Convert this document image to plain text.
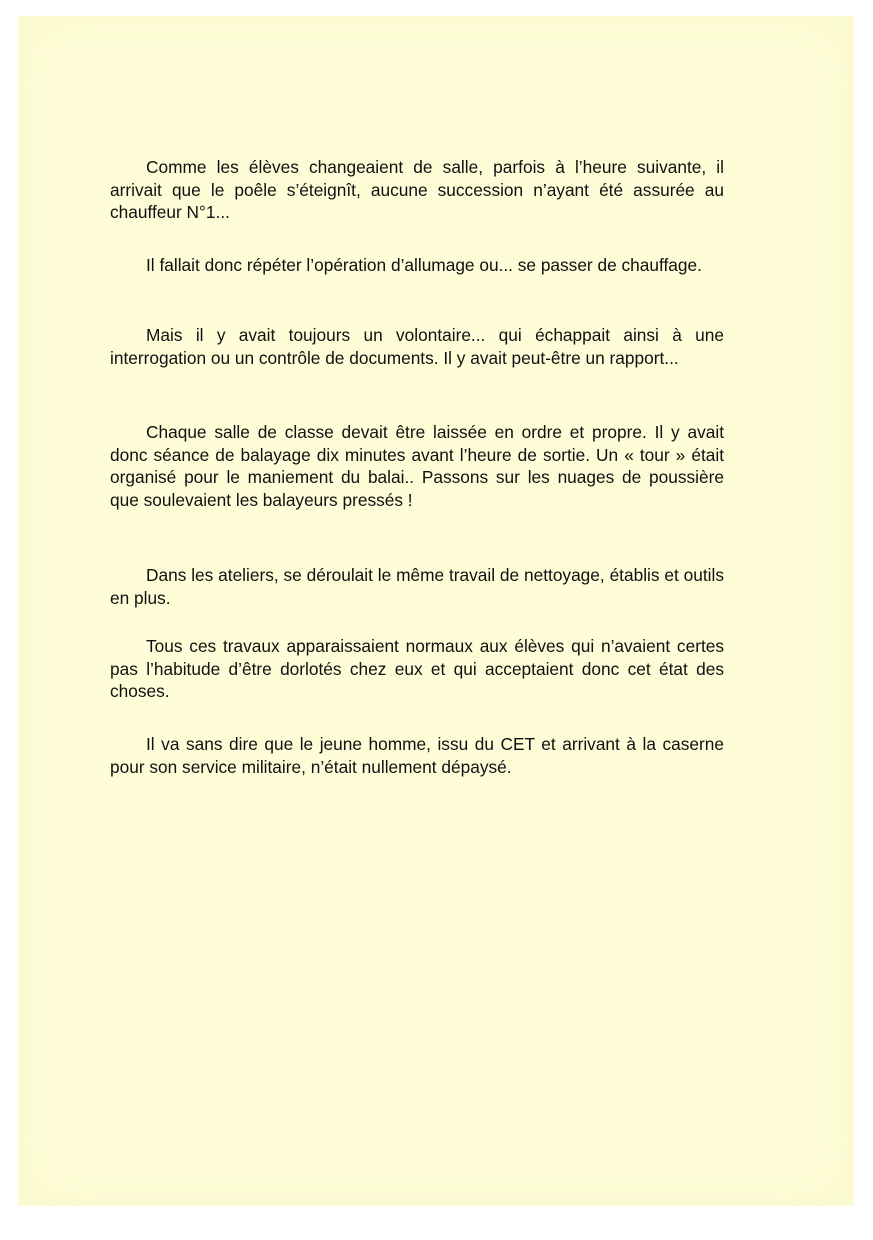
Comme les élèves changeaient de salle, parfois à l’heure suivante, il arrivait que le poêle s’éteignît, aucune succession n’ayant été assurée au chauffeur N°1...

Il fallait donc répéter l’opération d’allumage ou... se passer de chauffage.

Mais il y avait toujours un volontaire... qui échappait ainsi à une interrogation ou un contrôle de documents. Il y avait peut-être un rapport...

Chaque salle de classe devait être laissée en ordre et propre. Il y avait donc séance de balayage dix minutes avant l’heure de sortie. Un « tour » était organisé pour le maniement du balai.. Passons sur les nuages de poussière que soulevaient les balayeurs pressés !

Dans les ateliers, se déroulait le même travail de nettoyage, établis et outils en plus.

Tous ces travaux apparaissaient normaux aux élèves qui n’avaient certes pas l’habitude d’être dorlotés chez eux et qui acceptaient donc cet état des choses.

Il va sans dire que le jeune homme, issu du CET et arrivant à la caserne pour son service militaire, n’était nullement dépaysé.
